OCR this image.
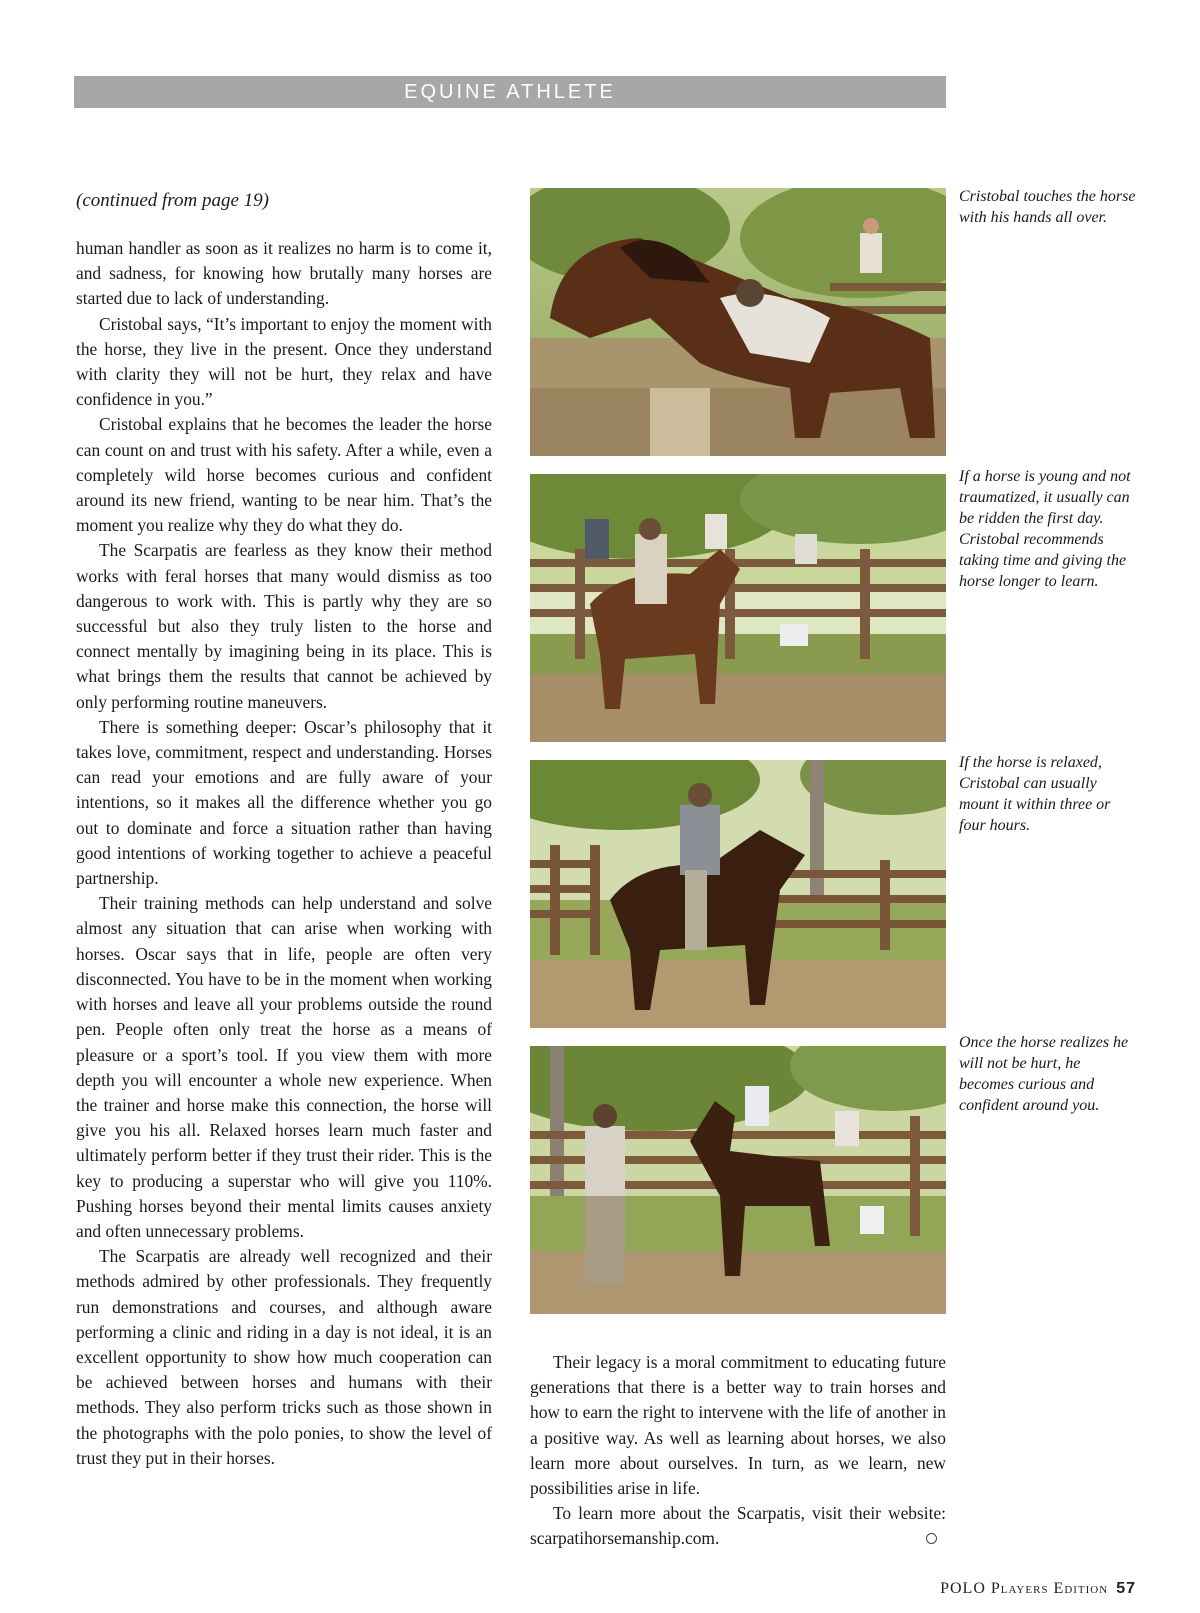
EQUINE ATHLETE
(continued from page 19)

human handler as soon as it realizes no harm is to come it, and sadness, for knowing how brutally many horses are started due to lack of understanding.

Cristobal says, “It’s important to enjoy the moment with the horse, they live in the present. Once they understand with clarity they will not be hurt, they relax and have confidence in you.”

Cristobal explains that he becomes the leader the horse can count on and trust with his safety. After a while, even a completely wild horse becomes curious and confident around its new friend, wanting to be near him. That’s the moment you realize why they do what they do.

The Scarpatis are fearless as they know their method works with feral horses that many would dismiss as too dangerous to work with. This is partly why they are so successful but also they truly listen to the horse and connect mentally by imagining being in its place. This is what brings them the results that cannot be achieved by only performing routine maneuvers.

There is something deeper: Oscar’s philosophy that it takes love, commitment, respect and understanding. Horses can read your emotions and are fully aware of your intentions, so it makes all the difference whether you go out to dominate and force a situation rather than having good intentions of working together to achieve a peaceful partnership.

Their training methods can help understand and solve almost any situation that can arise when working with horses. Oscar says that in life, people are often very disconnected. You have to be in the moment when working with horses and leave all your problems outside the round pen. People often only treat the horse as a means of pleasure or a sport’s tool. If you view them with more depth you will encounter a whole new experience. When the trainer and horse make this connection, the horse will give you his all. Relaxed horses learn much faster and ultimately perform better if they trust their rider. This is the key to producing a superstar who will give you 110%. Pushing horses beyond their mental limits causes anxiety and often unnecessary problems.

The Scarpatis are already well recognized and their methods admired by other professionals. They frequently run demonstrations and courses, and although aware performing a clinic and riding in a day is not ideal, it is an excellent opportunity to show how much cooperation can be achieved between horses and humans with their methods. They also perform tricks such as those shown in the photographs with the polo ponies, to show the level of trust they put in their horses.

Cristobal touches the horse with his hands all over.
If a horse is young and not traumatized, it usually can be ridden the first day. Cristobal recommends taking time and giving the horse longer to learn.
If the horse is relaxed, Cristobal can usually mount it within three or four hours.
Once the horse realizes he will not be hurt, he becomes curious and confident around you.

Their legacy is a moral commitment to educating future generations that there is a better way to train horses and how to earn the right to intervene with the life of another in a positive way. As well as learning about horses, we also learn more about ourselves. In turn, as we learn, new possibilities arise in life.

To learn more about the Scarpatis, visit their website: scarpatihorsemanship.com.

POLO Players Edition 57
